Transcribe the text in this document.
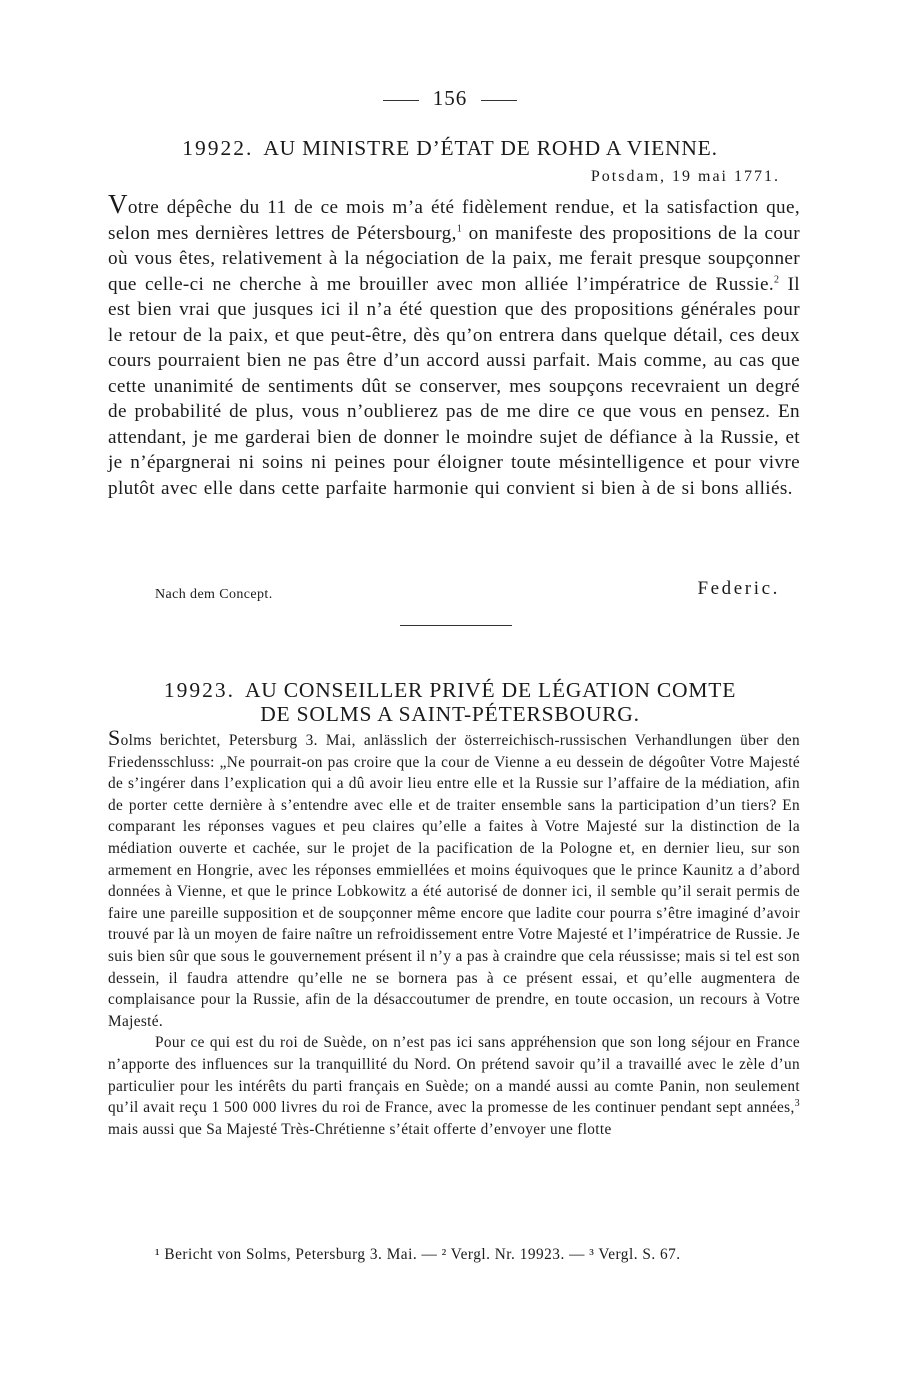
156
19922. AU MINISTRE D’ÉTAT DE ROHD A VIENNE.
Potsdam, 19 mai 1771.

Votre dépêche du 11 de ce mois m’a été fidèlement rendue, et la satisfaction que, selon mes dernières lettres de Pétersbourg,$^1$ on manifeste des propositions de la cour où vous êtes, relativement à la négociation de la paix, me ferait presque soupçonner que celle-ci ne cherche à me brouiller avec mon alliée l’impératrice de Russie.$^2$ Il est bien vrai que jusques ici il n’a été question que des propositions générales pour le retour de la paix, et que peut-être, dès qu’on entrera dans quelque détail, ces deux cours pourraient bien ne pas être d’un accord aussi parfait. Mais comme, au cas que cette unanimité de sentiments dût se conserver, mes soupçons recevraient un degré de probabilité de plus, vous n’oublierez pas de me dire ce que vous en pensez. En attendant, je me garderai bien de donner le moindre sujet de défiance à la Russie, et je n’épargnerai ni soins ni peines pour éloigner toute mésintelligence et pour vivre plutôt avec elle dans cette parfaite harmonie qui convient si bien à de si bons alliés.

Nach dem Concept.	Federic.
19923. AU CONSEILLER PRIVÉ DE LÉGATION COMTE
DE SOLMS A SAINT-PÉTERSBOURG.
Solms berichtet, Petersburg 3. Mai, anlässlich der österreichisch-russischen Verhandlungen über den Friedensschluss: „Ne pourrait-on pas croire que la cour de Vienne a eu dessein de dégoûter Votre Majesté de s’ingérer dans l’explication qui a dû avoir lieu entre elle et la Russie sur l’affaire de la médiation, afin de porter cette dernière à s’entendre avec elle et de traiter ensemble sans la participation d’un tiers? En comparant les réponses vagues et peu claires qu’elle a faites à Votre Majesté sur la distinction de la médiation ouverte et cachée, sur le projet de la pacification de la Pologne et, en dernier lieu, sur son armement en Hongrie, avec les réponses emmiellées et moins équivoques que le prince Kaunitz a d’abord données à Vienne, et que le prince Lobkowitz a été autorisé de donner ici, il semble qu’il serait permis de faire une pareille supposition et de soupçonner même encore que ladite cour pourra s’être imaginé d’avoir trouvé par là un moyen de faire naître un refroidissement entre Votre Majesté et l’impératrice de Russie. Je suis bien sûr que sous le gouvernement présent il n’y a pas à craindre que cela réussisse; mais si tel est son dessein, il faudra attendre qu’elle ne se bornera pas à ce présent essai, et qu’elle augmentera de complaisance pour la Russie, afin de la désaccoutumer de prendre, en toute occasion, un recours à Votre Majesté.
Pour ce qui est du roi de Suède, on n’est pas ici sans appréhension que son long séjour en France n’apporte des influences sur la tranquillité du Nord. On prétend savoir qu’il a travaillé avec le zèle d’un particulier pour les intérêts du parti français en Suède; on a mandé aussi au comte Panin, non seulement qu’il avait reçu 1 500 000 livres du roi de France, avec la promesse de les continuer pendant sept années,$^3$ mais aussi que Sa Majesté Très-Chrétienne s’était offerte d’envoyer une flotte

¹ Bericht von Solms, Petersburg 3. Mai. — ² Vergl. Nr. 19923. — ³ Vergl. S. 67.
